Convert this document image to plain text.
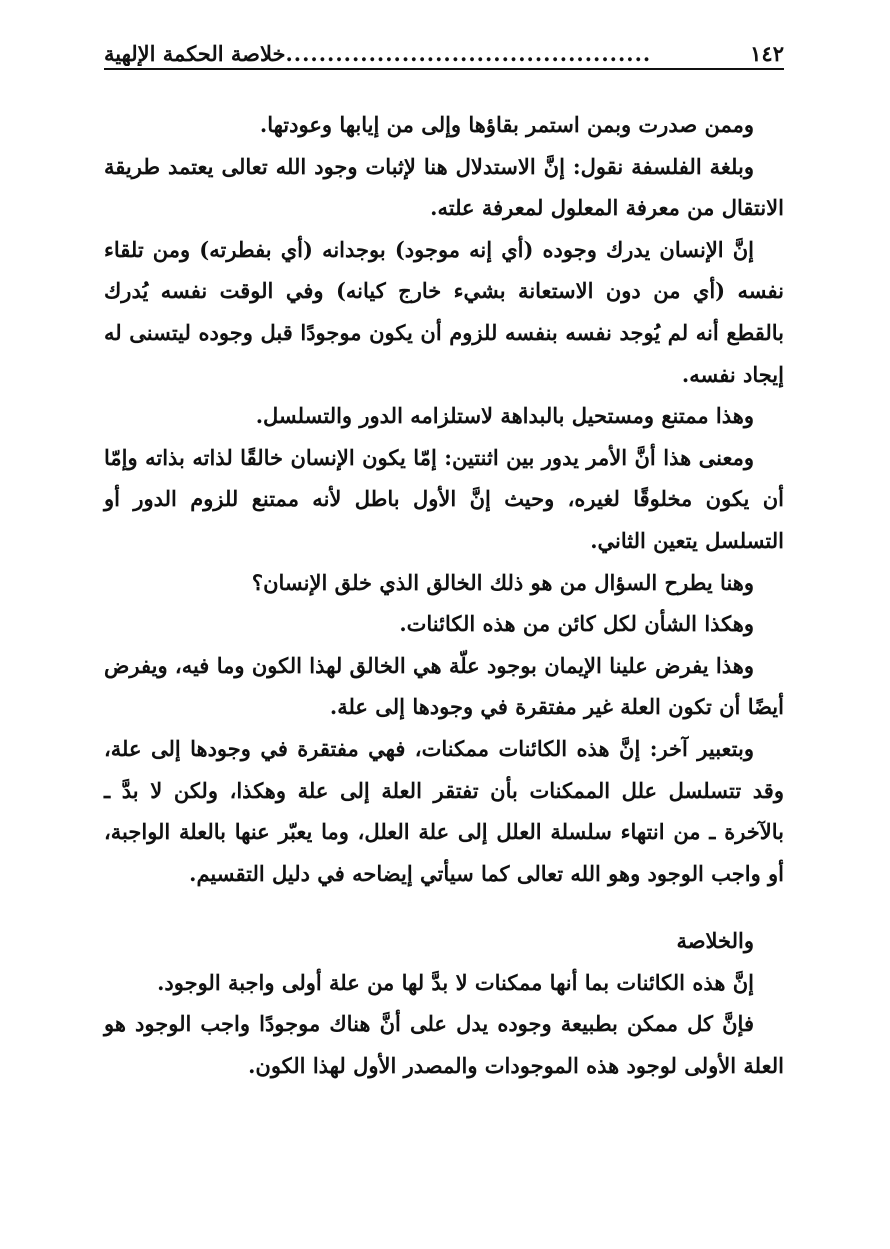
١٤٢
............................................
خلاصة الحكمة الإلهية

وممن صدرت وبمن استمر بقاؤها وإلى من إيابها وعودتها.

وبلغة الفلسفة نقول: إنَّ الاستدلال هنا لإثبات وجود الله تعالى يعتمد طريقة الانتقال من معرفة المعلول لمعرفة علته.

إنَّ الإنسان يدرك وجوده (أي إنه موجود) بوجدانه (أي بفطرته) ومن تلقاء نفسه (أي من دون الاستعانة بشيء خارج كيانه) وفي الوقت نفسه يُدرك بالقطع أنه لم يُوجد نفسه بنفسه للزوم أن يكون موجودًا قبل وجوده ليتسنى له إيجاد نفسه.

وهذا ممتنع ومستحيل بالبداهة لاستلزامه الدور والتسلسل.

ومعنى هذا أنَّ الأمر يدور بين اثنتين: إمّا يكون الإنسان خالقًا لذاته بذاته وإمّا أن يكون مخلوقًا لغيره، وحيث إنَّ الأول باطل لأنه ممتنع للزوم الدور أو التسلسل يتعين الثاني.

وهنا يطرح السؤال من هو ذلك الخالق الذي خلق الإنسان؟

وهكذا الشأن لكل كائن من هذه الكائنات.

وهذا يفرض علينا الإيمان بوجود علّة هي الخالق لهذا الكون وما فيه، ويفرض أيضًا أن تكون العلة غير مفتقرة في وجودها إلى علة.

وبتعبير آخر: إنَّ هذه الكائنات ممكنات، فهي مفتقرة في وجودها إلى علة، وقد تتسلسل علل الممكنات بأن تفتقر العلة إلى علة وهكذا، ولكن لا بدَّ ـ بالآخرة ـ من انتهاء سلسلة العلل إلى علة العلل، وما يعبّر عنها بالعلة الواجبة، أو واجب الوجود وهو الله تعالى كما سيأتي إيضاحه في دليل التقسيم.

والخلاصة

إنَّ هذه الكائنات بما أنها ممكنات لا بدَّ لها من علة أولى واجبة الوجود.

فإنَّ كل ممكن بطبيعة وجوده يدل على أنَّ هناك موجودًا واجب الوجود هو العلة الأولى لوجود هذه الموجودات والمصدر الأول لهذا الكون.
